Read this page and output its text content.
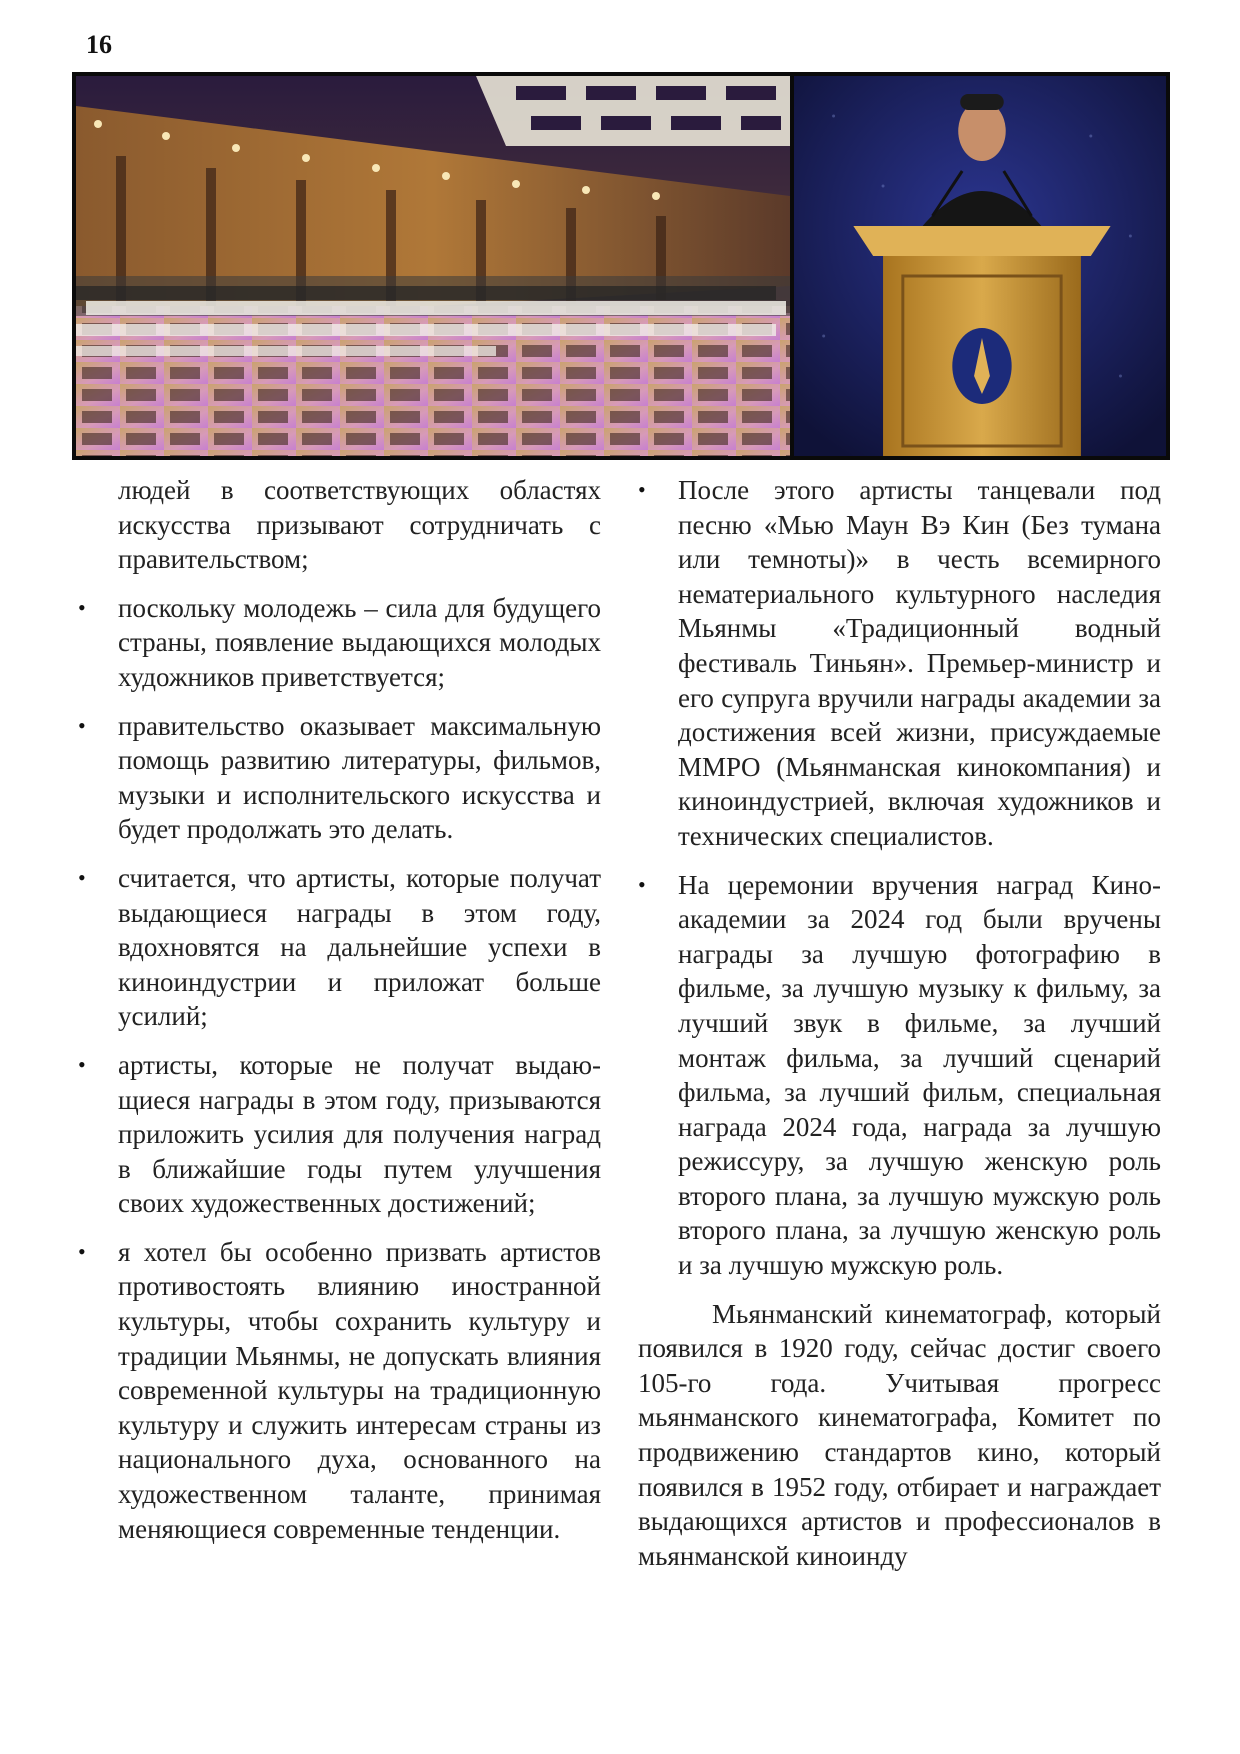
16
людей в соответствующих областях искусства призывают сотрудничать с правительством;
•	поскольку молодежь – сила для будущего страны, появление выдающихся молодых художников приветствуется;
•	правительство оказывает максимальную помощь развитию литературы, фильмов, музыки и исполнительского искусства и будет продолжать это делать.
•	считается, что артисты, которые получат выдающиеся награды в этом году, вдохновятся на дальнейшие успехи в киноиндустрии и приложат больше усилий;
•	артисты, которые не получат выдающиеся награды в этом году, призываются приложить усилия для получения наград в ближайшие годы путем улучшения своих художественных достижений;
•	я хотел бы особенно призвать артистов противостоять влиянию иностранной культуры, чтобы сохранить культуру и традиции Мьянмы, не допускать влияния современной культуры на традиционную культуру и служить интересам страны из национального духа, основанного на художественном таланте, принимая меняющиеся современные тенденции.
•	После этого артисты танцевали под песню «Мью Маун Вэ Кин (Без тумана или темноты)» в честь всемирного нематериального культурного наследия Мьянмы «Традиционный водный фестиваль Тиньян». Премьер-министр и его супруга вручили награды академии за достижения всей жизни, присуждаемые MMPO (Мьянманская кинокомпания) и киноиндустрией, включая художников и технических специалистов.
•	На церемонии вручения наград Киноакадемии за 2024 год были вручены награды за лучшую фотографию в фильме, за лучшую музыку к фильму, за лучший звук в фильме, за лучший монтаж фильма, за лучший сценарий фильма, за лучший фильм, специальная награда 2024 года, награда за лучшую режиссуру, за лучшую женскую роль второго плана, за лучшую мужскую роль второго плана, за лучшую женскую роль и за лучшую мужскую роль.
Мьянманский кинематограф, который появился в 1920 году, сейчас достиг своего 105-го года. Учитывая прогресс мьянманского кинематографа, Комитет по продвижению стандартов кино, который появился в 1952 году, отбирает и награждает выдающихся артистов и профессионалов в мьянманской киноинду
